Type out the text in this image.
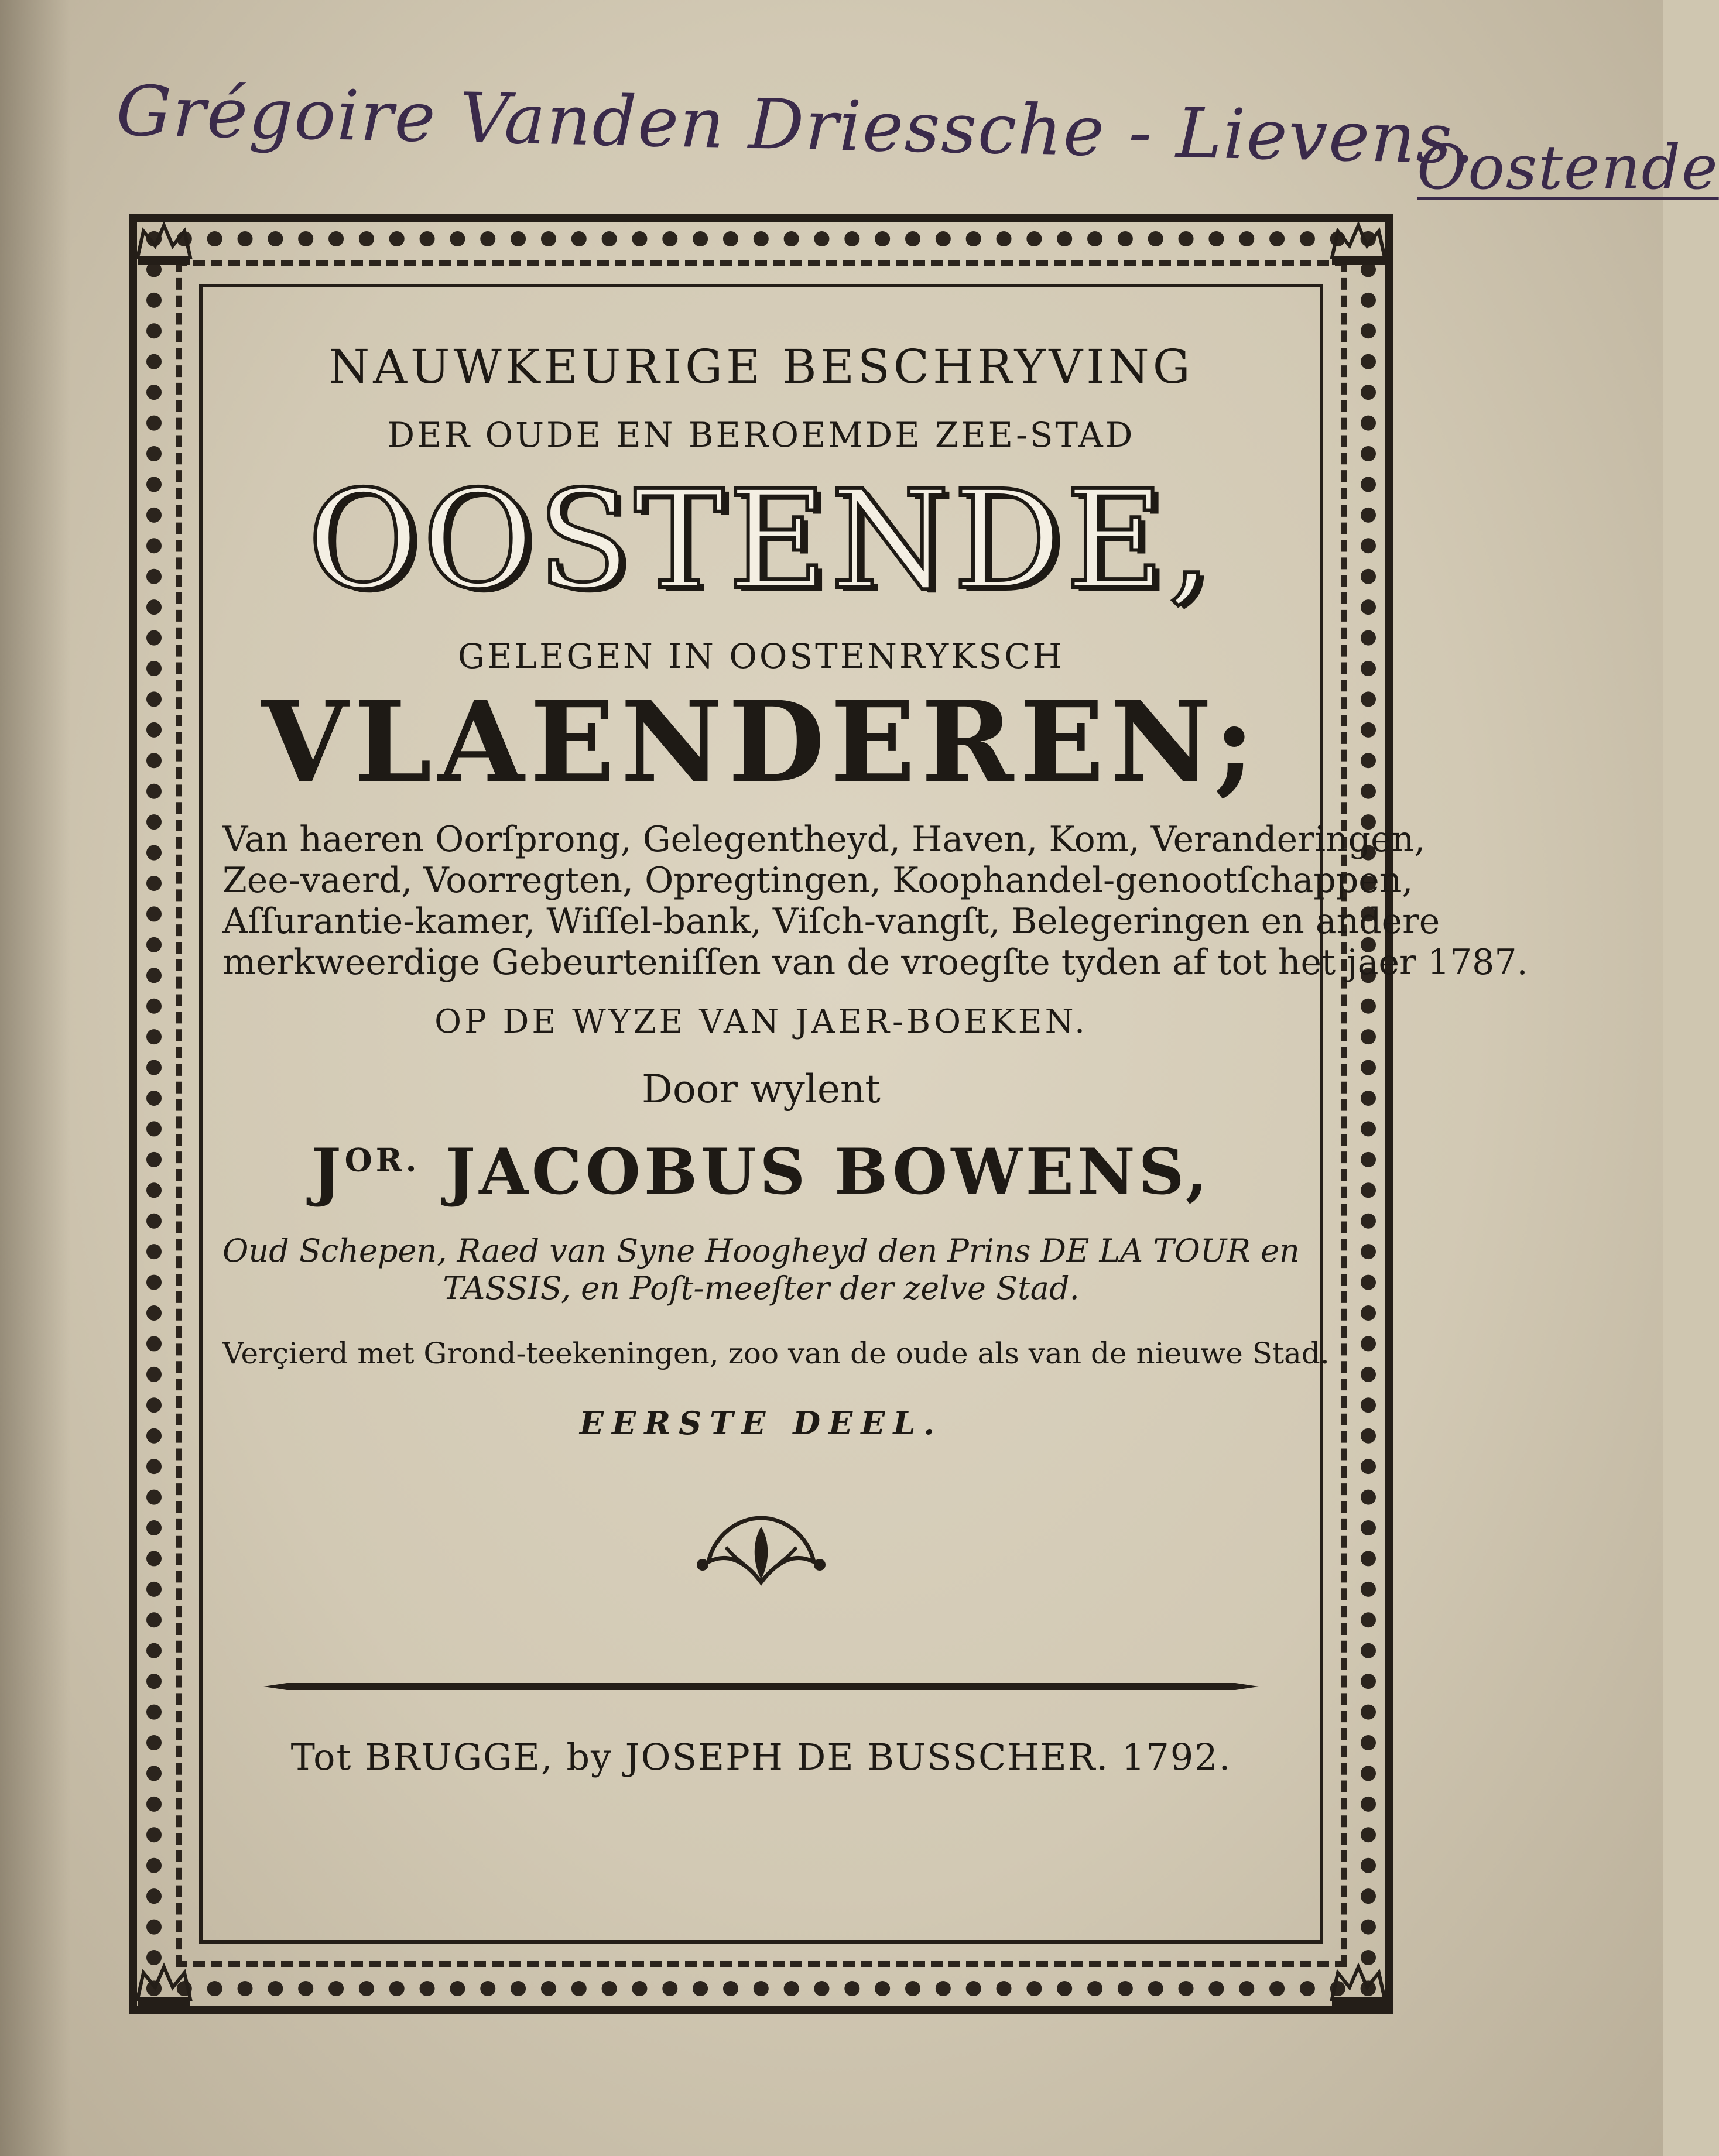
Grégoire Vanden Driessche - Lievens.
Oostende
NAUWKEURIGE BESCHRYVING
DER OUDE EN BEROEMDE ZEE-STAD
OOSTENDE,
GELEGEN IN OOSTENRYKSCH
VLAENDEREN;
Van haeren Oorſprong, Gelegentheyd, Haven, Kom, Veranderingen,
Zee-vaerd, Voorregten, Opregtingen, Koophandel-genootſchappen,
Aſſurantie-kamer, Wiſſel-bank, Viſch-vangſt, Belegeringen en andere
merkweerdige Gebeurteniſſen van de vroegſte tyden af tot het jaer 1787.
OP DE WYZE VAN JAER-BOEKEN.
Door wylent
$J^{OR.}$ JACOBUS BOWENS,
Oud Schepen, Raed van Syne Hoogheyd den Prins DE LA TOUR en
TASSIS, en Poſt-meeſter der zelve Stad.
Verçierd met Grond-teekeningen, zoo van de oude als van de nieuwe Stad.
EERSTE DEEL.
Tot BRUGGE, by JOSEPH DE BUSSCHER. 1792.
